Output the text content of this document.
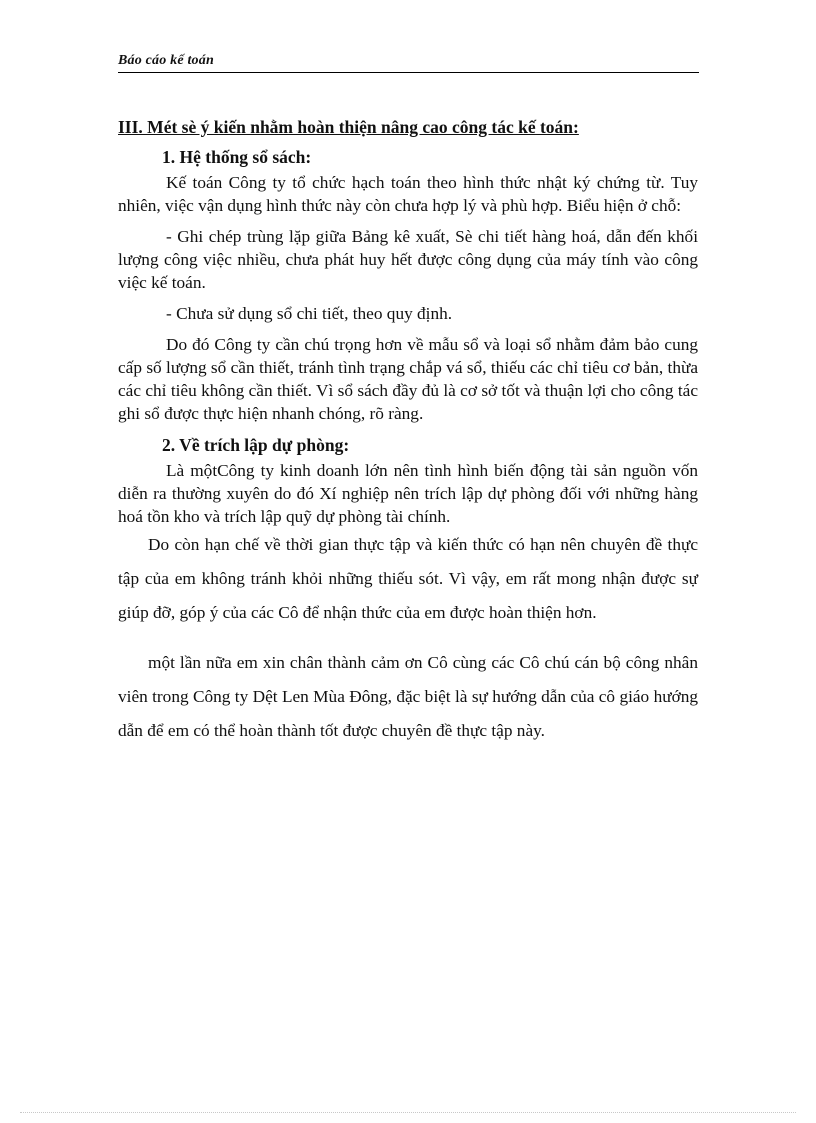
Báo cáo kế toán
III. Mét sè ý kiến nhằm hoàn thiện nâng cao công tác kế toán:
1. Hệ thống sổ sách:

Kế toán Công ty tổ chức hạch toán theo hình thức nhật ký chứng từ. Tuy nhiên, việc vận dụng hình thức này còn chưa hợp lý và phù hợp. Biểu hiện ở chỗ:

- Ghi chép trùng lặp giữa Bảng kê xuất, Sè chi tiết hàng hoá, dẫn đến khối lượng công việc nhiều, chưa phát huy hết được công dụng của máy tính vào công việc kế toán.

- Chưa sử dụng sổ chi tiết, theo quy định.

Do đó Công ty cần chú trọng hơn về mẫu sổ và loại sổ nhằm đảm bảo cung cấp số lượng sổ cần thiết, tránh tình trạng chắp vá sổ, thiếu các chỉ tiêu cơ bản, thừa các chỉ tiêu không cần thiết. Vì sổ sách đầy đủ là cơ sở tốt và thuận lợi cho công tác ghi sổ được thực hiện nhanh chóng, rõ ràng.

2. Về trích lập dự phòng:

Là mộtCông ty kinh doanh lớn nên tình hình biến động tài sản nguồn vốn diễn ra thường xuyên do đó Xí nghiệp nên trích lập dự phòng đối với những hàng hoá tồn kho và trích lập quỹ dự phòng tài chính.

Do còn hạn chế về thời gian thực tập và kiến thức có hạn nên chuyên đề thực tập của em không tránh khỏi những thiếu sót. Vì vậy, em rất mong nhận được sự giúp đỡ, góp ý của các Cô để nhận thức của em được hoàn thiện hơn.

một lần nữa em xin chân thành cảm ơn Cô cùng các Cô chú cán bộ công nhân viên trong Công ty Dệt Len Mùa Đông, đặc biệt là sự hướng dẫn của cô giáo hướng dẫn để em có thể hoàn thành tốt được chuyên đề thực tập này.
